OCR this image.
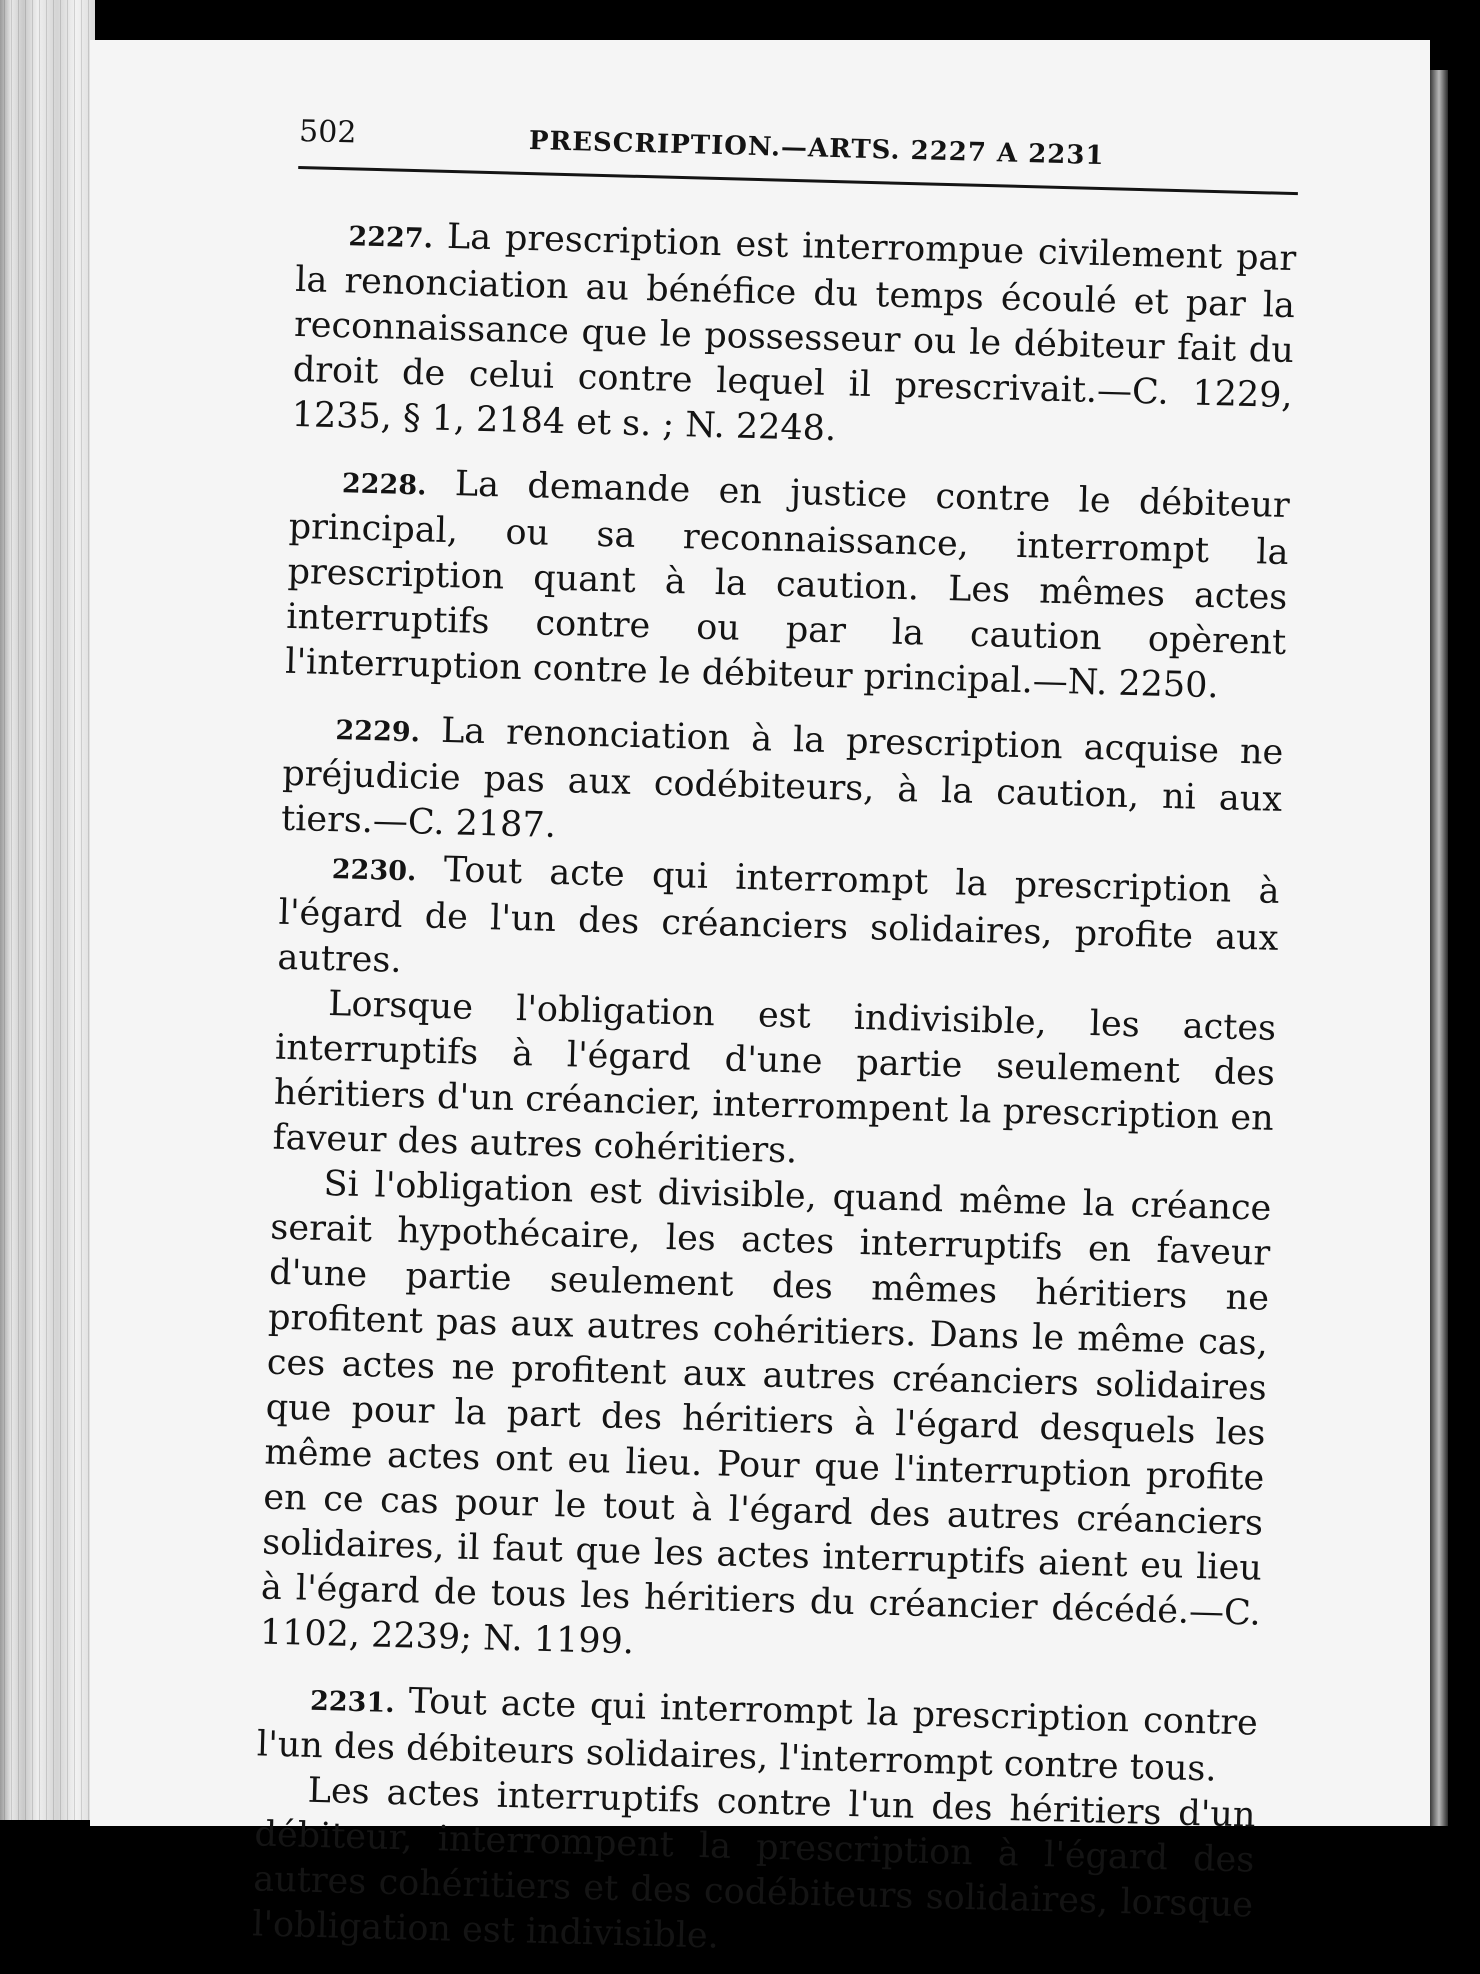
502	PRESCRIPTION.—ARTS. 2227 A 2231

2227. La prescription est interrompue civilement par la renonciation au bénéfice du temps écoulé et par la reconnaissance que le possesseur ou le débiteur fait du droit de celui contre lequel il prescrivait.—C. 1229, 1235, § 1, 2184 et s. ; N. 2248.

2228. La demande en justice contre le débiteur principal, ou sa reconnaissance, interrompt la prescription quant à la caution. Les mêmes actes interruptifs contre ou par la caution opèrent l'interruption contre le débiteur principal.—N. 2250.

2229. La renonciation à la prescription acquise ne préjudicie pas aux codébiteurs, à la caution, ni aux tiers.—C. 2187.

2230. Tout acte qui interrompt la prescription à l'égard de l'un des créanciers solidaires, profite aux autres.

Lorsque l'obligation est indivisible, les actes interruptifs à l'égard d'une partie seulement des héritiers d'un créancier, interrompent la prescription en faveur des autres cohéritiers.

Si l'obligation est divisible, quand même la créance serait hypothécaire, les actes interruptifs en faveur d'une partie seulement des mêmes héritiers ne profitent pas aux autres cohéritiers. Dans le même cas, ces actes ne profitent aux autres créanciers solidaires que pour la part des héritiers à l'égard desquels les même actes ont eu lieu. Pour que l'interruption profite en ce cas pour le tout à l'égard des autres créanciers solidaires, il faut que les actes interruptifs aient eu lieu à l'égard de tous les héritiers du créancier décédé.—C. 1102, 2239; N. 1199.

2231. Tout acte qui interrompt la prescription contre l'un des débiteurs solidaires, l'interrompt contre tous.

Les actes interruptifs contre l'un des héritiers d'un débiteur, interrompent la prescription à l'égard des autres cohéritiers et des codébiteurs solidaires, lorsque l'obligation est indivisible.
